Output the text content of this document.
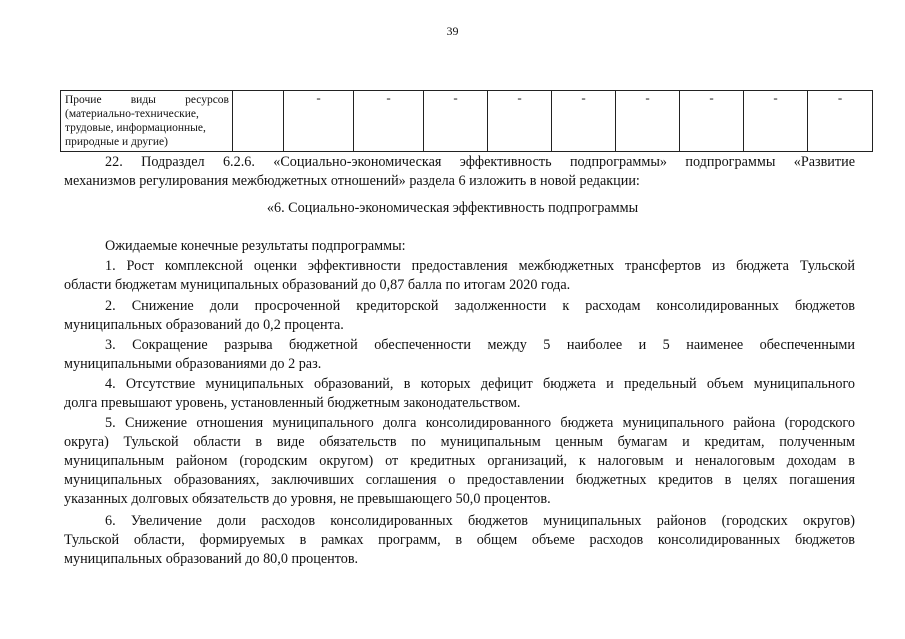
39
Прочие	виды	ресурсов
(материально-технические,
трудовые, информационные,
природные и другие)
		-	-	-	-	-	-	-	-	-
22. Подраздел 6.2.6. «Социально-экономическая эффективность подпрограммы» подпрограммы «Развитие
механизмов регулирования межбюджетных отношений» раздела 6 изложить в новой редакции:

«6. Социально-экономическая эффективность подпрограммы

Ожидаемые конечные результаты подпрограммы:
1. Рост комплексной оценки эффективности предоставления межбюджетных трансфертов из бюджета Тульской
области бюджетам муниципальных образований до 0,87 балла по итогам 2020 года.
2. Снижение доли просроченной кредиторской задолженности к расходам консолидированных бюджетов
муниципальных образований до 0,2 процента.
3. Сокращение разрыва бюджетной обеспеченности между 5 наиболее и 5 наименее обеспеченными
муниципальными образованиями до 2 раз.
4. Отсутствие муниципальных образований, в которых дефицит бюджета и предельный объем муниципального
долга превышают уровень, установленный бюджетным законодательством.
5. Снижение отношения муниципального долга консолидированного бюджета муниципального района (городского
округа) Тульской области в виде обязательств по муниципальным ценным бумагам и кредитам, полученным
муниципальным районом (городским округом) от кредитных организаций, к налоговым и неналоговым доходам в
муниципальных образованиях, заключивших соглашения о предоставлении бюджетных кредитов в целях погашения
указанных долговых обязательств до уровня, не превышающего 50,0 процентов.
6. Увеличение доли расходов консолидированных бюджетов муниципальных районов (городских округов)
Тульской области, формируемых в рамках программ, в общем объеме расходов консолидированных бюджетов
муниципальных образований до 80,0 процентов.
